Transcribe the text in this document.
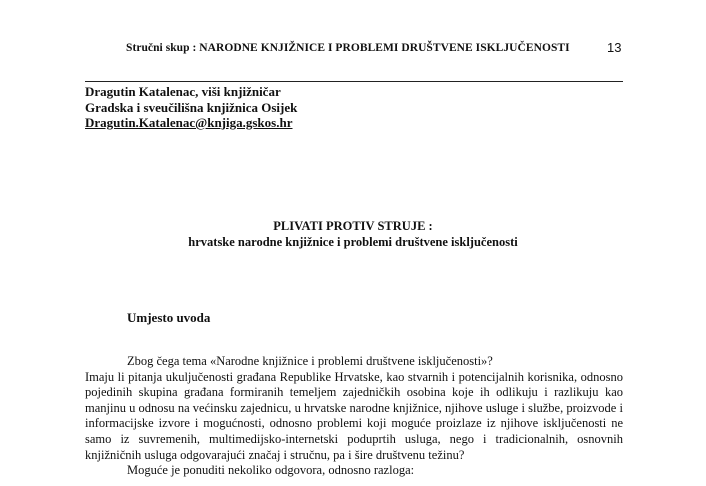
Stručni skup : NARODNE KNJIŽNICE I PROBLEMI DRUŠTVENE ISKLJUČENOSTI	13
Dragutin Katalenac, viši knjižničar
Gradska i sveučilišna knjižnica Osijek
Dragutin.Katalenac@knjiga.gskos.hr
PLIVATI PROTIV STRUJE :
hrvatske narodne knjižnice i problemi društvene isključenosti
Umjesto uvoda

Zbog čega tema «Narodne knjižnice i problemi društvene isključenosti»?

Imaju li pitanja ukuljučenosti građana Republike Hrvatske, kao stvarnih i potencijalnih korisnika, odnosno pojedinih skupina građana formiranih temeljem zajedničkih osobina koje ih odlikuju i razlikuju kao manjinu u odnosu na većinsku zajednicu, u hrvatske narodne knjižnice, njihove usluge i službe, proizvode i informacijske izvore i mogućnosti, odnosno problemi koji moguće proizlaze iz njihove isključenosti ne samo iz suvremenih, multimedijsko-internetski poduprtih usluga, nego i tradicionalnih, osnovnih knjižničnih usluga odgovarajući značaj i stručnu, pa i šire društvenu težinu?

Moguće je ponuditi nekoliko odgovora, odnosno razloga:
